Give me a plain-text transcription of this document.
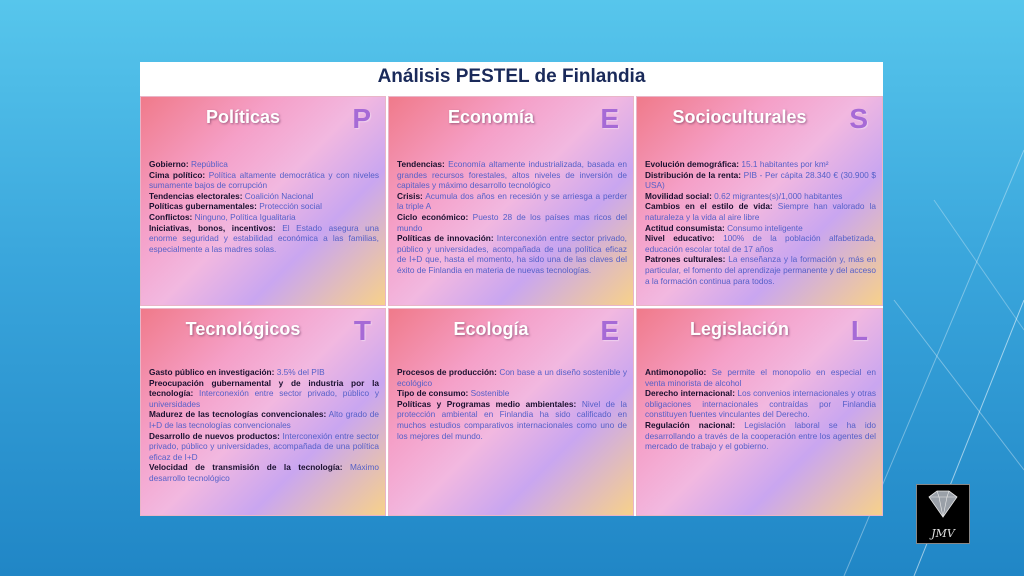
Análisis PESTEL de Finlandia
Políticas	P

Gobierno: República

Cima político: Política altamente democrática y con niveles sumamente bajos de corrupción

Tendencias electorales: Coalición Nacional

Políticas gubernamentales: Protección social

Conflictos: Ninguno, Política Igualitaria

Iniciativas, bonos, incentivos: El Estado asegura una enorme seguridad y estabilidad económica a las familias, especialmente a las madres solas.

Economía	E

Tendencias: Economía altamente industrializada, basada en grandes recursos forestales, altos niveles de inversión de capitales y máximo desarrollo tecnológico

Crisis: Acumula dos años en recesión y se arriesga a perder la triple A

Ciclo económico: Puesto 28 de los países mas ricos del mundo

Políticas de innovación: Interconexión entre sector privado, público y universidades, acompañada de una política eficaz de I+D que, hasta el momento, ha sido una de las claves del éxito de Finlandia en materia de nuevas tecnologías.

Socioculturales	S

Evolución demográfica: 15.1 habitantes por km²

Distribución de la renta: PIB - Per cápita 28.340 € (30.900 $ USA)

Movilidad social: 0.62 migrantes(s)/1,000 habitantes

Cambios en el estilo de vida: Siempre han valorado la naturaleza y la vida al aire libre

Actitud consumista: Consumo inteligente

Nivel educativo: 100% de la población alfabetizada, educación escolar total de 17 años

Patrones culturales: La enseñanza y la formación y, más en particular, el fomento del aprendizaje permanente y del acceso a la formación continua para todos.

Tecnológicos	T

Gasto público en investigación: 3.5% del PIB

Preocupación gubernamental y de industria por la tecnología: Interconexión entre sector privado, público y universidades

Madurez de las tecnologías convencionales: Alto grado de I+D de las tecnologías convencionales

Desarrollo de nuevos productos: Interconexión entre sector privado, público y universidades, acompañada de una política eficaz de I+D

Velocidad de transmisión de la tecnología: Máximo desarrollo tecnológico

Ecología	E

Procesos de producción: Con base a un diseño sostenible y ecológico

Tipo de consumo: Sostenible

Políticas y Programas medio ambientales: Nivel de la protección ambiental en Finlandia ha sido calificado en muchos estudios comparativos internacionales como uno de los mejores del mundo.

Legislación	L

Antimonopolio: Se permite el monopolio en especial en venta minorista de alcohol

Derecho internacional: Los convenios internacionales y otras obligaciones internacionales contraídas por Finlandia constituyen fuentes vinculantes del Derecho.

Regulación nacional: Legislación laboral se ha ido desarrollando a través de la cooperación entre los agentes del mercado de trabajo y el gobierno.

JMV
